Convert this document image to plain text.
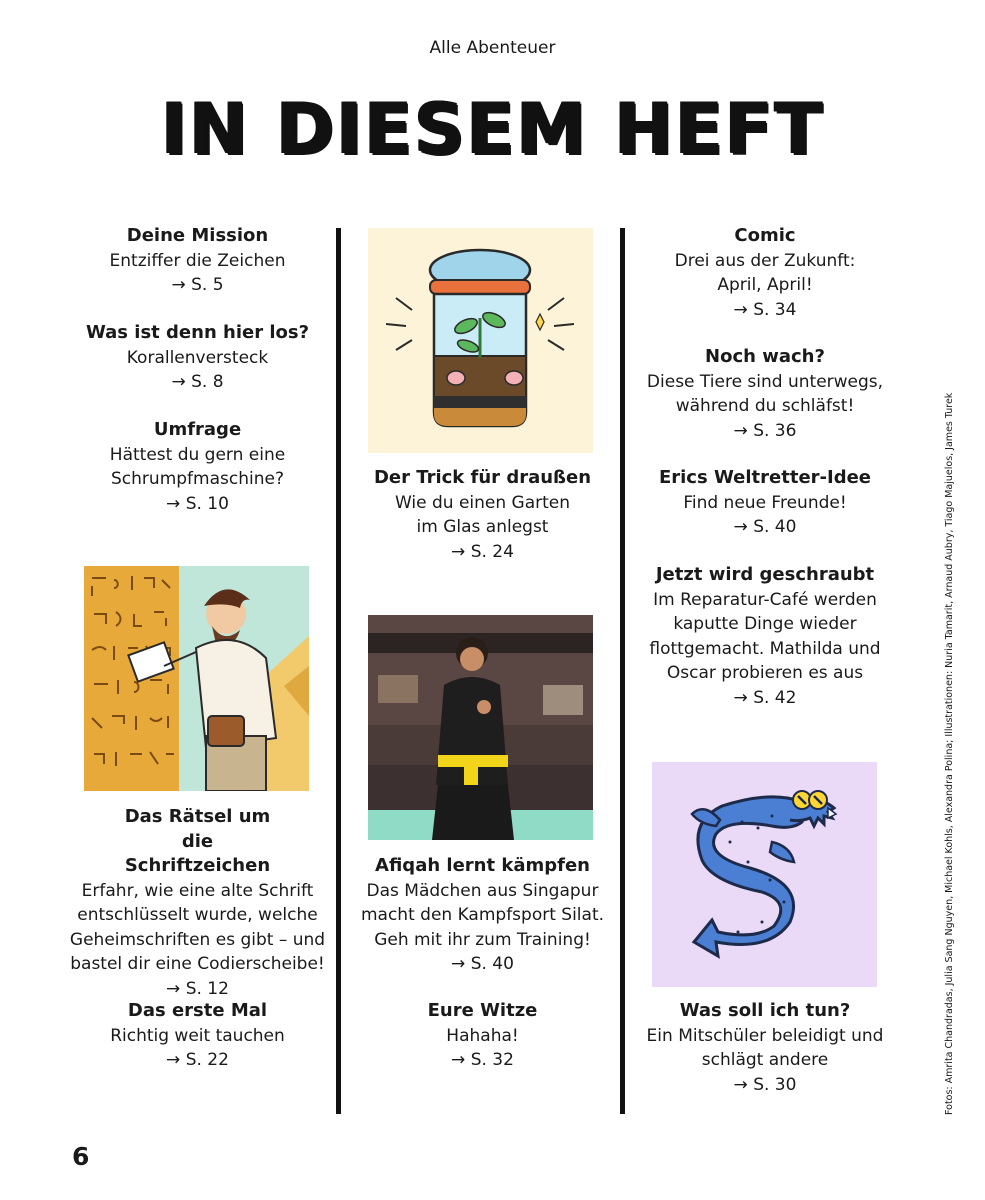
Alle Abenteuer
IN DIESEM HEFT
Deine Mission
Entziffer die Zeichen
→ S. 5
Was ist denn hier los?
Korallenversteck
→ S. 8
Umfrage
Hättest du gern eine
Schrumpfmaschine?
→ S. 10
Das Rätsel um die Schriftzeichen
Erfahr, wie eine alte Schrift
entschlüsselt wurde, welche
Geheimschriften es gibt – und
bastel dir eine Codierscheibe!
→ S. 12
Das erste Mal
Richtig weit tauchen
→ S. 22
Der Trick für draußen
Wie du einen Garten
im Glas anlegst
→ S. 24
Afiqah lernt kämpfen
Das Mädchen aus Singapur
macht den Kampfsport Silat.
Geh mit ihr zum Training!
→ S. 40
Eure Witze
Hahaha!
→ S. 32
Comic
Drei aus der Zukunft:
April, April!
→ S. 34
Noch wach?
Diese Tiere sind unterwegs,
während du schläfst!
→ S. 36
Erics Weltretter-Idee
Find neue Freunde!
→ S. 40
Jetzt wird geschraubt
Im Reparatur-Café werden
kaputte Dinge wieder
flottgemacht. Mathilda und
Oscar probieren es aus
→ S. 42
Was soll ich tun?
Ein Mitschüler beleidigt und
schlägt andere
→ S. 30
6
Fotos: Amrita Chandradas, Julia Sang Nguyen, Michael Kohls, Alexandra Polina; Illustrationen: Nuria Tamarit, Arnaud Aubry, Tiago Majuelos, James Turek
